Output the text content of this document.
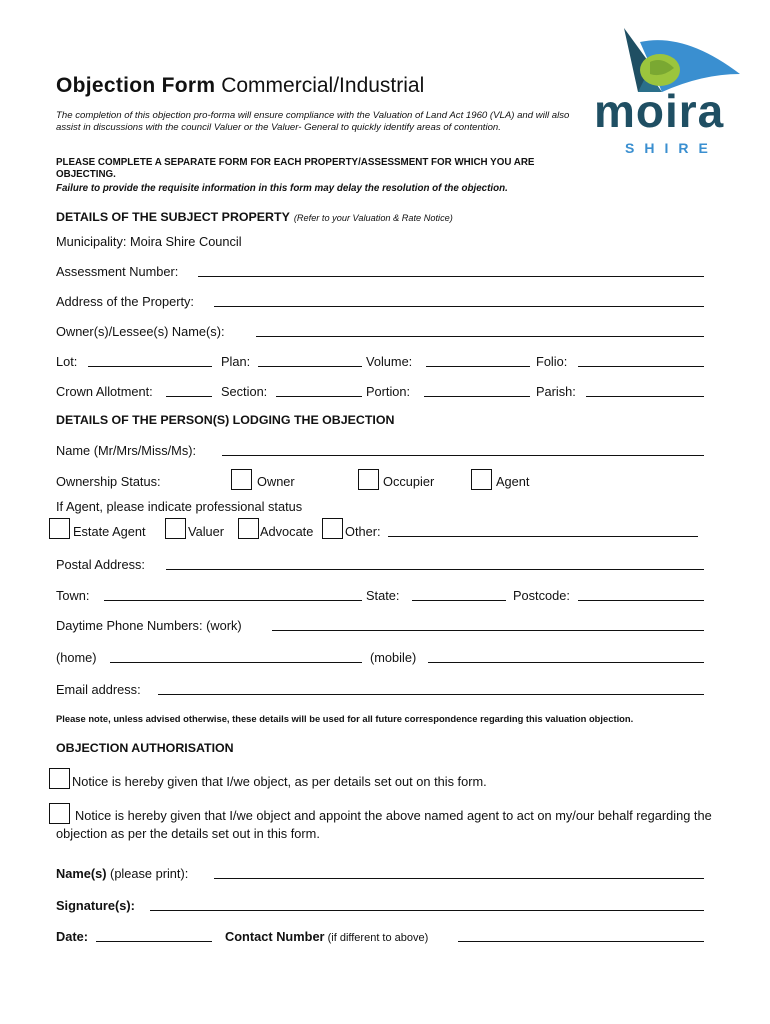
moira
SHIRE
Objection Form Commercial/Industrial
The completion of this objection pro-forma will ensure compliance with the Valuation of Land Act 1960 (VLA) and will also assist in discussions with the council Valuer or the Valuer- General to quickly identify areas of contention.
PLEASE COMPLETE A SEPARATE FORM FOR EACH PROPERTY/ASSESSMENT FOR WHICH YOU ARE OBJECTING.
Failure to provide the requisite information in this form may delay the resolution of the objection.
DETAILS OF THE SUBJECT PROPERTY (Refer to your Valuation & Rate Notice)
Municipality: Moira Shire Council
Assessment Number:
Address of the Property:
Owner(s)/Lessee(s) Name(s):
Lot:	Plan:	Volume:	Folio:
Crown Allotment:	Section:	Portion:	Parish:
DETAILS OF THE PERSON(S) LODGING THE OBJECTION
Name (Mr/Mrs/Miss/Ms):
Ownership Status:	Owner	Occupier	Agent
If Agent, please indicate professional status
Estate Agent	Valuer	Advocate Other:
Postal Address:
Town:	State:	Postcode:
Daytime Phone Numbers: (work)
(home)	(mobile)
Email address:
Please note, unless advised otherwise, these details will be used for all future correspondence regarding this valuation objection.
OBJECTION AUTHORISATION
Notice is hereby given that I/we object, as per details set out on this form.
Notice is hereby given that I/we object and appoint the above named agent to act on my/our behalf regarding the objection as per the details set out in this form.
Name(s) (please print):
Signature(s):
Date:	Contact Number (if different to above)
